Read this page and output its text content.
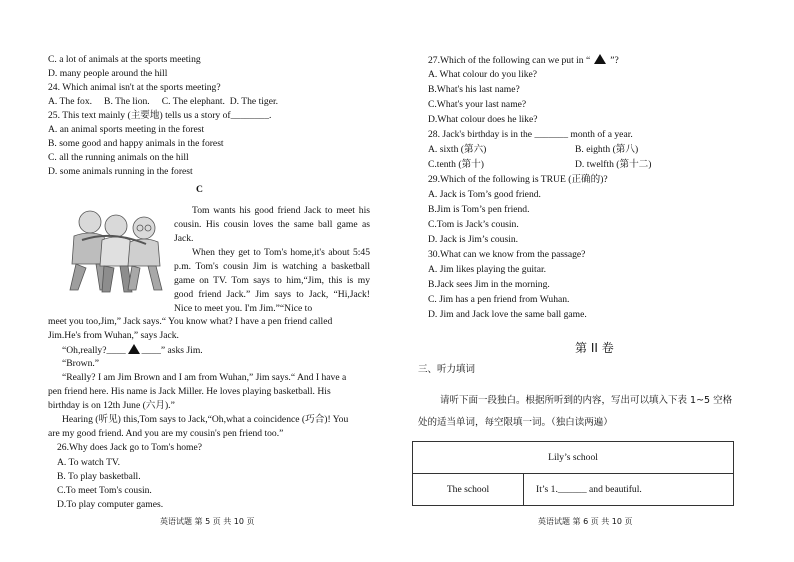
C. a lot of animals at the sports meeting
D. many people around the hill
24. Which animal isn't at the sports meeting?
A. The fox.     B. The lion.     C. The elephant.  D. The tiger.
25. This text mainly (主要地) tells us a story of________.
A. an animal sports meeting in the forest
B. some good and happy animals in the forest
C. all the running animals on the hill
D. some animals running in the forest
C
Tom wants his good friend Jack to meet his cousin. His cousin loves the same ball game as Jack.
When they get to Tom's home,it's about 5:45 p.m. Tom's cousin Jim is watching a basketball game on TV. Tom says to him,“Jim, this is my good friend Jack.” Jim says to Jack, “Hi,Jack! Nice to meet you. I'm Jim.”“Nice to
meet you too,Jim,” Jack says.“ You know what? I have a pen friend called
Jim.He's from Wuhan,” says Jack.
“Oh,really?____ ____” asks Jim.
“Brown.”
“Really? I am Jim Brown and I am from Wuhan,” Jim says.“ And I have a
pen friend here. His name is Jack Miller. He loves playing basketball. His
birthday is on 12th June (六月).”
Hearing (听见) this,Tom says to Jack,“Oh,what a coincidence (巧合)! You
are my good friend. And you are my cousin's pen friend too.”
26.Why does Jack go to Tom's home?
A. To watch TV.
B. To play basketball.
C.To meet Tom's cousin.
D.To play computer games.
英语试题 第 5 页 共 10 页
27.Which of the following can we put in “ ”?
A. What colour do you like?
B.What's his last name?
C.What's your last name?
D.What colour does he like?
28. Jack's birthday is in the _______ month of a year.
A. sixth (第六)	B. eighth (第八)
C.tenth (第十)	D. twelfth (第十二)
29.Which of the following is TRUE (正确的)?
A. Jack is Tom’s good friend.
B.Jim is Tom’s pen friend.
C.Tom is Jack’s cousin.
D. Jack is Jim’s cousin.
30.What can we know from the passage?
A. Jim likes playing the guitar.
B.Jack sees Jim in the morning.
C. Jim has a pen friend from Wuhan.
D. Jim and Jack love the same ball game.
第 II 卷
三、听力填词
请听下面一段独白。根据所听到的内容，写出可以填入下表 1~5 空格
处的适当单词，每空限填一词。（独白读两遍）
Lily’s school
The school	It’s 1.______ and beautiful.
英语试题 第 6 页 共 10 页
